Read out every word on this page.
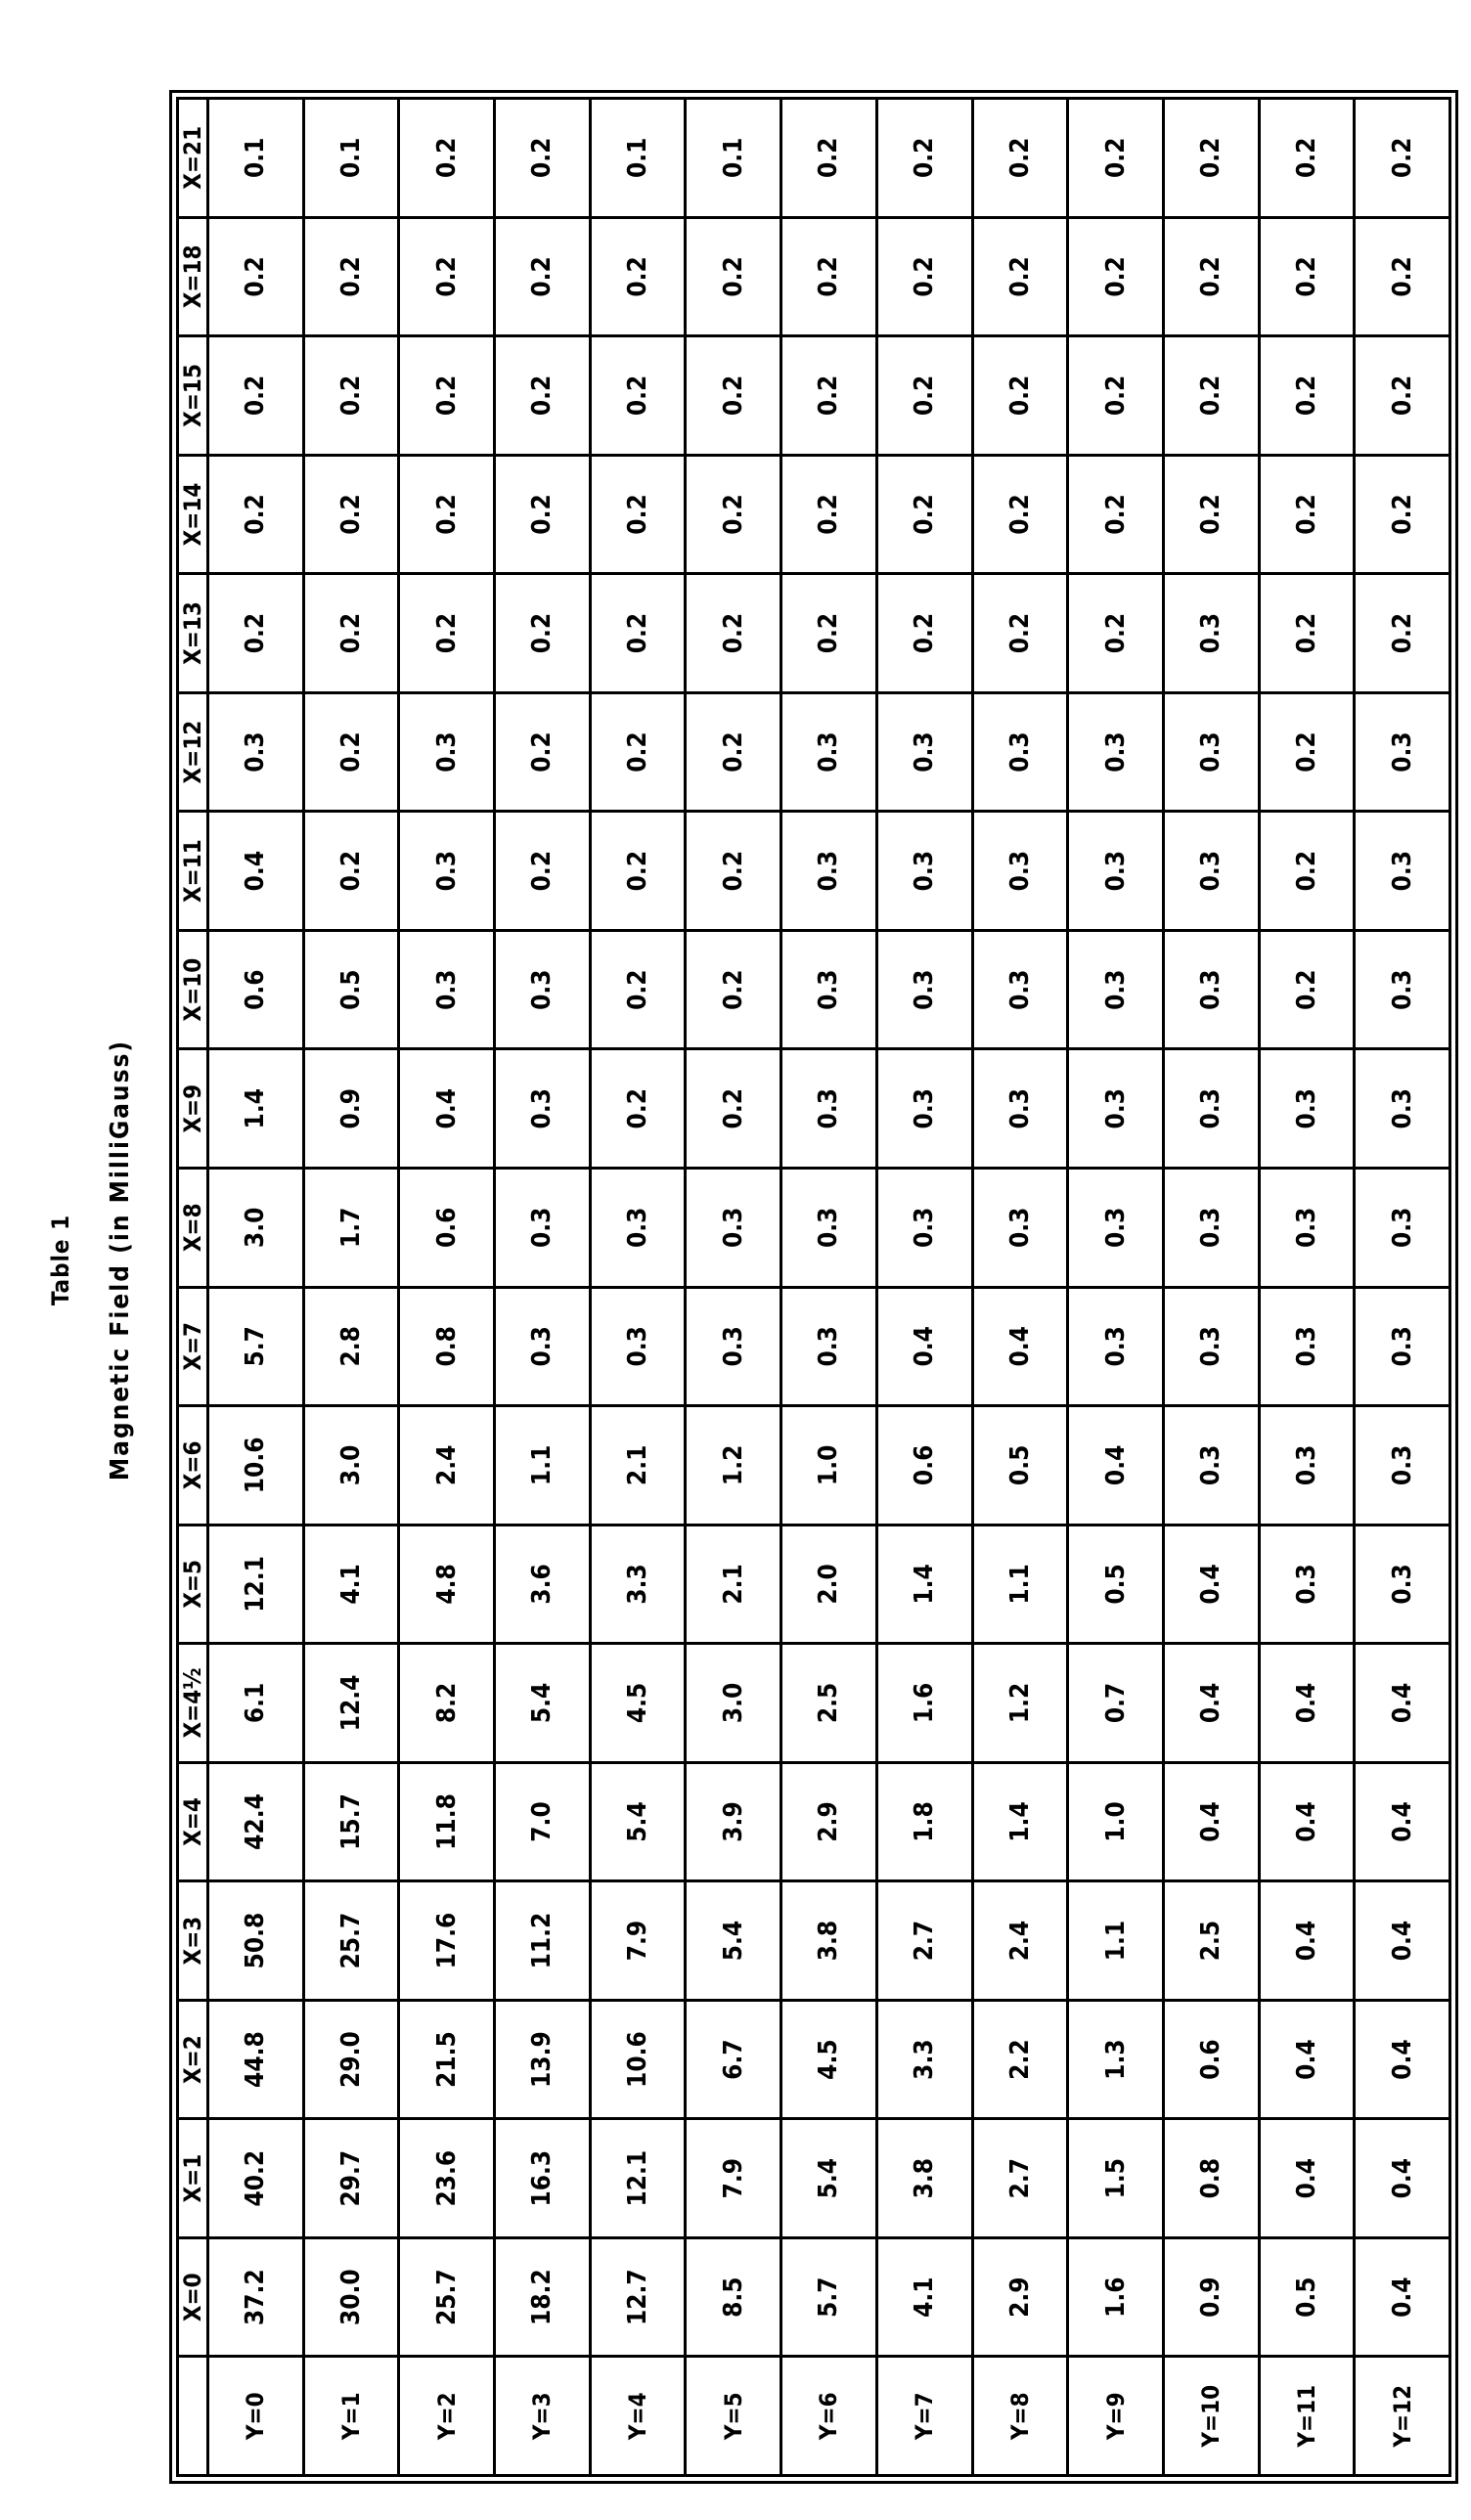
Table 1 Magnetic Field (in MilliGauss)
	X=0	X=1	X=2	X=3	X=4	X=4½	X=5	X=6	X=7	X=8	X=9	X=10	X=11	X=12	X=13	X=14	X=15	X=18	X=21
Y=0	37.2	40.2	44.8	50.8	42.4	6.1	12.1	10.6	5.7	3.0	1.4	0.6	0.4	0.3	0.2	0.2	0.2	0.2	0.1
Y=1	30.0	29.7	29.0	25.7	15.7	12.4	4.1	3.0	2.8	1.7	0.9	0.5	0.2	0.2	0.2	0.2	0.2	0.2	0.1
Y=2	25.7	23.6	21.5	17.6	11.8	8.2	4.8	2.4	0.8	0.6	0.4	0.3	0.3	0.3	0.2	0.2	0.2	0.2	0.2
Y=3	18.2	16.3	13.9	11.2	7.0	5.4	3.6	1.1	0.3	0.3	0.3	0.3	0.2	0.2	0.2	0.2	0.2	0.2	0.2
Y=4	12.7	12.1	10.6	7.9	5.4	4.5	3.3	2.1	0.3	0.3	0.2	0.2	0.2	0.2	0.2	0.2	0.2	0.2	0.1
Y=5	8.5	7.9	6.7	5.4	3.9	3.0	2.1	1.2	0.3	0.3	0.2	0.2	0.2	0.2	0.2	0.2	0.2	0.2	0.1
Y=6	5.7	5.4	4.5	3.8	2.9	2.5	2.0	1.0	0.3	0.3	0.3	0.3	0.3	0.3	0.2	0.2	0.2	0.2	0.2
Y=7	4.1	3.8	3.3	2.7	1.8	1.6	1.4	0.6	0.4	0.3	0.3	0.3	0.3	0.3	0.2	0.2	0.2	0.2	0.2
Y=8	2.9	2.7	2.2	2.4	1.4	1.2	1.1	0.5	0.4	0.3	0.3	0.3	0.3	0.3	0.2	0.2	0.2	0.2	0.2
Y=9	1.6	1.5	1.3	1.1	1.0	0.7	0.5	0.4	0.3	0.3	0.3	0.3	0.3	0.3	0.2	0.2	0.2	0.2	0.2
Y=10	0.9	0.8	0.6	2.5	0.4	0.4	0.4	0.3	0.3	0.3	0.3	0.3	0.3	0.3	0.3	0.2	0.2	0.2	0.2
Y=11	0.5	0.4	0.4	0.4	0.4	0.4	0.3	0.3	0.3	0.3	0.3	0.2	0.2	0.2	0.2	0.2	0.2	0.2	0.2
Y=12	0.4	0.4	0.4	0.4	0.4	0.4	0.3	0.3	0.3	0.3	0.3	0.3	0.3	0.3	0.2	0.2	0.2	0.2	0.2
